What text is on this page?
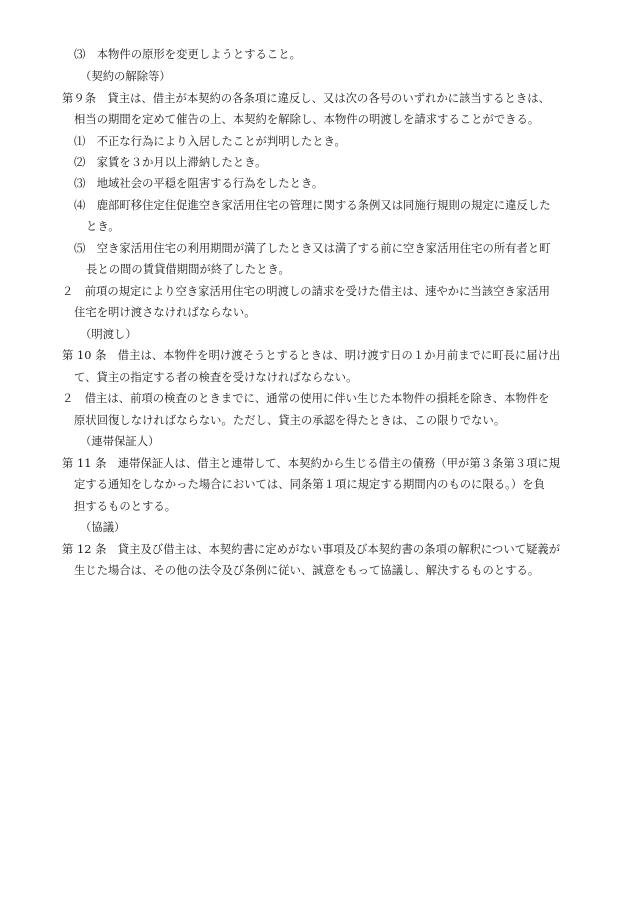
⑶　本物件の原形を変更しようとすること。
（契約の解除等）
第９条　貸主は、借主が本契約の各条項に違反し、又は次の各号のいずれかに該当するときは、
相当の期間を定めて催告の上、本契約を解除し、本物件の明渡しを請求することができる。
⑴　不正な行為により入居したことが判明したとき。
⑵　家賃を３か月以上滞納したとき。
⑶　地域社会の平穏を阻害する行為をしたとき。
⑷　鹿部町移住定住促進空き家活用住宅の管理に関する条例又は同施行規則の規定に違反した
とき。
⑸　空き家活用住宅の利用期間が満了したとき又は満了する前に空き家活用住宅の所有者と町
長との間の賃貸借期間が終了したとき。
２　前項の規定により空き家活用住宅の明渡しの請求を受けた借主は、速やかに当該空き家活用
住宅を明け渡さなければならない。
（明渡し）
第 10 条　借主は、本物件を明け渡そうとするときは、明け渡す日の１か月前までに町長に届け出
て、貸主の指定する者の検査を受けなければならない。
２　借主は、前項の検査のときまでに、通常の使用に伴い生じた本物件の損耗を除き、本物件を
原状回復しなければならない。ただし、貸主の承認を得たときは、この限りでない。
（連帯保証人）
第 11 条　連帯保証人は、借主と連帯して、本契約から生じる借主の債務（甲が第３条第３項に規
定する通知をしなかった場合においては、同条第１項に規定する期間内のものに限る。）を負
担するものとする。
（協議）
第 12 条　貸主及び借主は、本契約書に定めがない事項及び本契約書の条項の解釈について疑義が
生じた場合は、その他の法令及び条例に従い、誠意をもって協議し、解決するものとする。
